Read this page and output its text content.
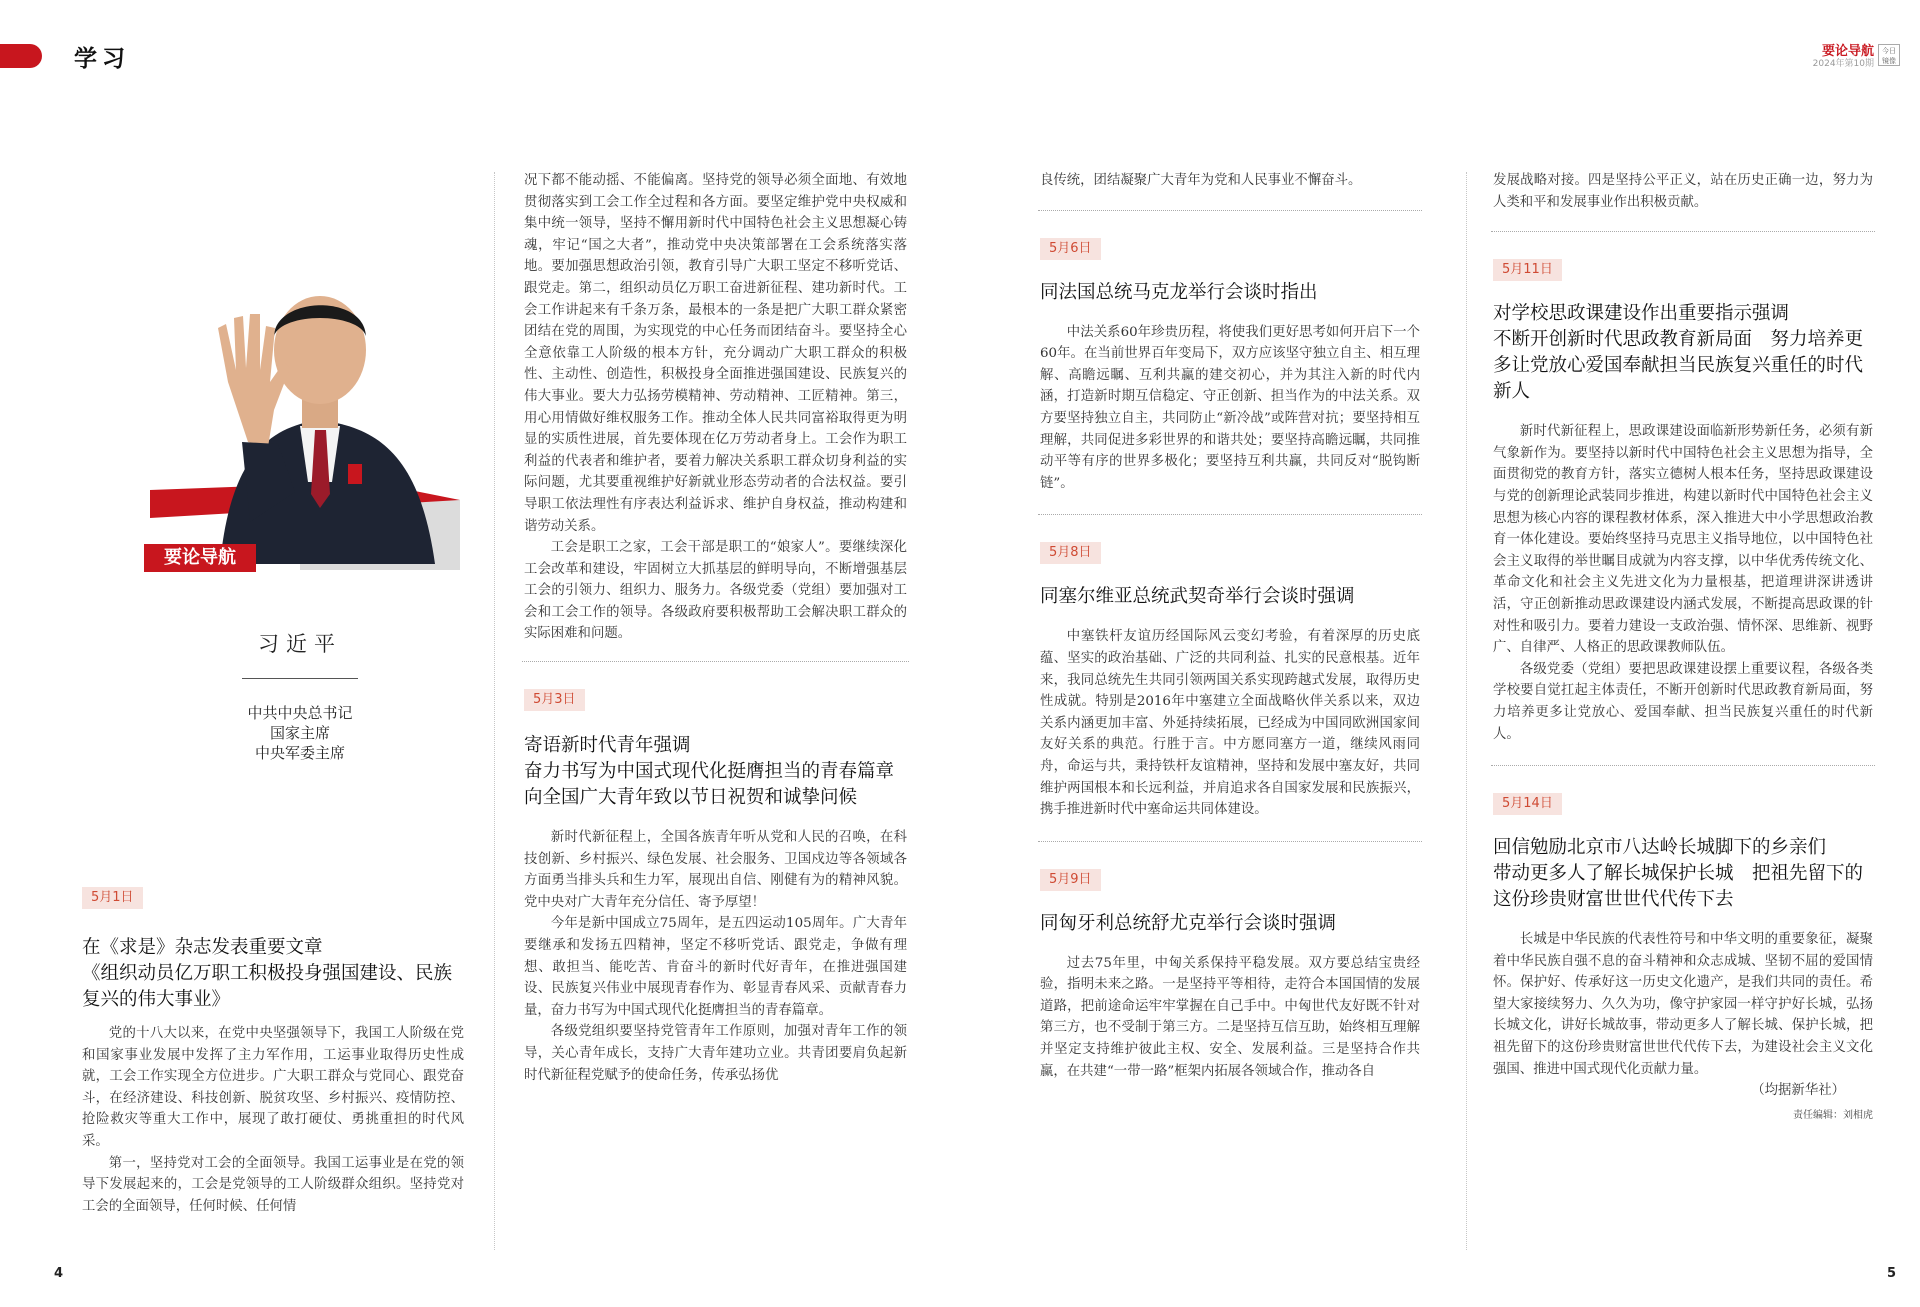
学习	要论导航
2024年第10期
今日 镜像
要论导航
习近平
中共中央总书记
国家主席
中央军委主席
5月1日
在《求是》杂志发表重要文章
《组织动员亿万职工积极投身强国建设、民族复兴的伟大事业》

党的十八大以来，在党中央坚强领导下，我国工人阶级在党和国家事业发展中发挥了主力军作用，工运事业取得历史性成就，工会工作实现全方位进步。广大职工群众与党同心、跟党奋斗，在经济建设、科技创新、脱贫攻坚、乡村振兴、疫情防控、抢险救灾等重大工作中，展现了敢打硬仗、勇挑重担的时代风采。

第一，坚持党对工会的全面领导。我国工运事业是在党的领导下发展起来的，工会是党领导的工人阶级群众组织。坚持党对工会的全面领导，任何时候、任何情

况下都不能动摇、不能偏离。坚持党的领导必须全面地、有效地贯彻落实到工会工作全过程和各方面。要坚定维护党中央权威和集中统一领导，坚持不懈用新时代中国特色社会主义思想凝心铸魂，牢记“国之大者”，推动党中央决策部署在工会系统落实落地。要加强思想政治引领，教育引导广大职工坚定不移听党话、跟党走。第二，组织动员亿万职工奋进新征程、建功新时代。工会工作讲起来有千条万条，最根本的一条是把广大职工群众紧密团结在党的周围，为实现党的中心任务而团结奋斗。要坚持全心全意依靠工人阶级的根本方针，充分调动广大职工群众的积极性、主动性、创造性，积极投身全面推进强国建设、民族复兴的伟大事业。要大力弘扬劳模精神、劳动精神、工匠精神。第三，用心用情做好维权服务工作。推动全体人民共同富裕取得更为明显的实质性进展，首先要体现在亿万劳动者身上。工会作为职工利益的代表者和维护者，要着力解决关系职工群众切身利益的实际问题，尤其要重视维护好新就业形态劳动者的合法权益。要引导职工依法理性有序表达利益诉求、维护自身权益，推动构建和谐劳动关系。

工会是职工之家，工会干部是职工的“娘家人”。要继续深化工会改革和建设，牢固树立大抓基层的鲜明导向，不断增强基层工会的引领力、组织力、服务力。各级党委（党组）要加强对工会和工会工作的领导。各级政府要积极帮助工会解决职工群众的实际困难和问题。

5月3日
寄语新时代青年强调
奋力书写为中国式现代化挺膺担当的青春篇章　向全国广大青年致以节日祝贺和诚挚问候

新时代新征程上，全国各族青年听从党和人民的召唤，在科技创新、乡村振兴、绿色发展、社会服务、卫国戍边等各领域各方面勇当排头兵和生力军，展现出自信、刚健有为的精神风貌。党中央对广大青年充分信任、寄予厚望！

今年是新中国成立75周年，是五四运动105周年。广大青年要继承和发扬五四精神，坚定不移听党话、跟党走，争做有理想、敢担当、能吃苦、肯奋斗的新时代好青年，在推进强国建设、民族复兴伟业中展现青春作为、彰显青春风采、贡献青春力量，奋力书写为中国式现代化挺膺担当的青春篇章。

各级党组织要坚持党管青年工作原则，加强对青年工作的领导，关心青年成长，支持广大青年建功立业。共青团要肩负起新时代新征程党赋予的使命任务，传承弘扬优

良传统，团结凝聚广大青年为党和人民事业不懈奋斗。

5月6日
同法国总统马克龙举行会谈时指出

中法关系60年珍贵历程，将使我们更好思考如何开启下一个60年。在当前世界百年变局下，双方应该坚守独立自主、相互理解、高瞻远瞩、互利共赢的建交初心，并为其注入新的时代内涵，打造新时期互信稳定、守正创新、担当作为的中法关系。双方要坚持独立自主，共同防止“新冷战”或阵营对抗；要坚持相互理解，共同促进多彩世界的和谐共处；要坚持高瞻远瞩，共同推动平等有序的世界多极化；要坚持互利共赢，共同反对“脱钩断链”。

5月8日
同塞尔维亚总统武契奇举行会谈时强调

中塞铁杆友谊历经国际风云变幻考验，有着深厚的历史底蕴、坚实的政治基础、广泛的共同利益、扎实的民意根基。近年来，我同总统先生共同引领两国关系实现跨越式发展，取得历史性成就。特别是2016年中塞建立全面战略伙伴关系以来，双边关系内涵更加丰富、外延持续拓展，已经成为中国同欧洲国家间友好关系的典范。行胜于言。中方愿同塞方一道，继续风雨同舟，命运与共，秉持铁杆友谊精神，坚持和发展中塞友好，共同维护两国根本和长远利益，并肩追求各自国家发展和民族振兴，携手推进新时代中塞命运共同体建设。

5月9日
同匈牙利总统舒尤克举行会谈时强调

过去75年里，中匈关系保持平稳发展。双方要总结宝贵经验，指明未来之路。一是坚持平等相待，走符合本国国情的发展道路，把前途命运牢牢掌握在自己手中。中匈世代友好既不针对第三方，也不受制于第三方。二是坚持互信互助，始终相互理解并坚定支持维护彼此主权、安全、发展利益。三是坚持合作共赢，在共建“一带一路”框架内拓展各领域合作，推动各自

发展战略对接。四是坚持公平正义，站在历史正确一边，努力为人类和平和发展事业作出积极贡献。

5月11日
对学校思政课建设作出重要指示强调
不断开创新时代思政教育新局面　努力培养更多让党放心爱国奉献担当民族复兴重任的时代新人

新时代新征程上，思政课建设面临新形势新任务，必须有新气象新作为。要坚持以新时代中国特色社会主义思想为指导，全面贯彻党的教育方针，落实立德树人根本任务，坚持思政课建设与党的创新理论武装同步推进，构建以新时代中国特色社会主义思想为核心内容的课程教材体系，深入推进大中小学思想政治教育一体化建设。要始终坚持马克思主义指导地位，以中国特色社会主义取得的举世瞩目成就为内容支撑，以中华优秀传统文化、革命文化和社会主义先进文化为力量根基，把道理讲深讲透讲活，守正创新推动思政课建设内涵式发展，不断提高思政课的针对性和吸引力。要着力建设一支政治强、情怀深、思维新、视野广、自律严、人格正的思政课教师队伍。

各级党委（党组）要把思政课建设摆上重要议程，各级各类学校要自觉扛起主体责任，不断开创新时代思政教育新局面，努力培养更多让党放心、爱国奉献、担当民族复兴重任的时代新人。

5月14日
回信勉励北京市八达岭长城脚下的乡亲们
带动更多人了解长城保护长城　把祖先留下的这份珍贵财富世世代代传下去

长城是中华民族的代表性符号和中华文明的重要象征，凝聚着中华民族自强不息的奋斗精神和众志成城、坚韧不屈的爱国情怀。保护好、传承好这一历史文化遗产，是我们共同的责任。希望大家接续努力、久久为功，像守护家园一样守护好长城，弘扬长城文化，讲好长城故事，带动更多人了解长城、保护长城，把祖先留下的这份珍贵财富世世代代传下去，为建设社会主义文化强国、推进中国式现代化贡献力量。

（均据新华社）

责任编辑：刘相虎
4	5
